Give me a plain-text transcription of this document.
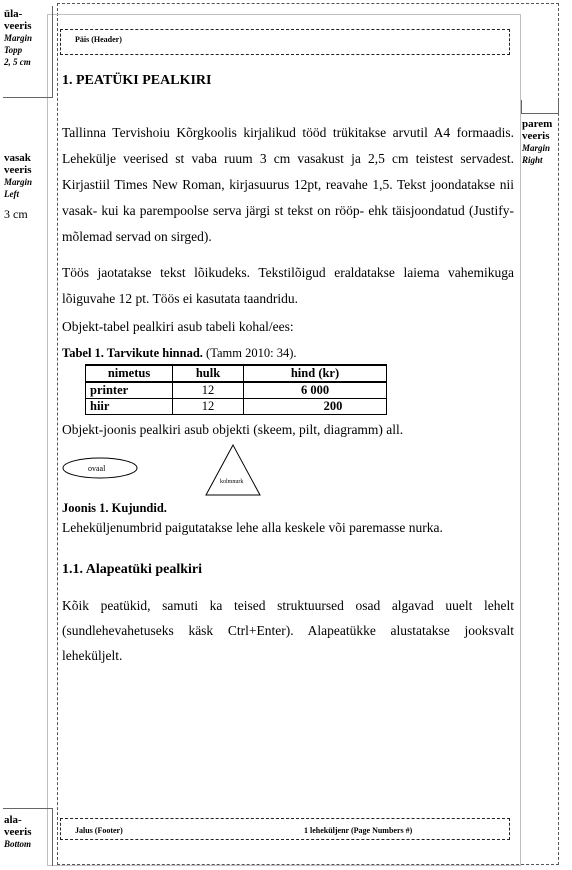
üla-
veeris
Margin
Topp
2, 5 cm
vasak
veeris
Margin
Left
3 cm
parem
veeris
Margin
Right
ala-
veeris
Bottom
Päis (Header)
1. PEATÜKI PEALKIRI

Tallinna Tervishoiu Kõrgkoolis kirjalikud tööd trükitakse arvutil A4 formaadis. Lehekülje veerised st vaba ruum 3 cm vasakust ja 2,5 cm teistest servadest. Kirjastiil Times New Roman, kirjasuurus 12pt, reavahe 1,5. Tekst joondatakse nii vasak- kui ka parempoolse serva järgi st tekst on rööp- ehk täisjoondatud (Justify-mõlemad servad on sirged).

Töös jaotatakse tekst lõikudeks. Tekstilõigud eraldatakse laiema vahemikuga lõiguvahe 12 pt. Töös ei kasutata taandridu.

Objekt-tabel pealkiri asub tabeli kohal/ees:

Tabel 1. Tarvikute hinnad. (Tamm 2010: 34).
nimetus	hulk	hind (kr)
printer	12	6 000
hiir	12	200

Objekt-joonis pealkiri asub objekti (skeem, pilt, diagramm) all.

ovaal
kolmnurk
Joonis 1. Kujundid.

Leheküljenumbrid paigutatakse lehe alla keskele või paremasse nurka.

1.1. Alapeatüki pealkiri

Kõik peatükid, samuti ka teised struktuursed osad algavad uuelt lehelt (sundlehevahetuseks käsk Ctrl+Enter). Alapeatükke alustatakse jooksvalt leheküljelt.

Jalus (Footer)	1 leheküljenr (Page Numbers #)
